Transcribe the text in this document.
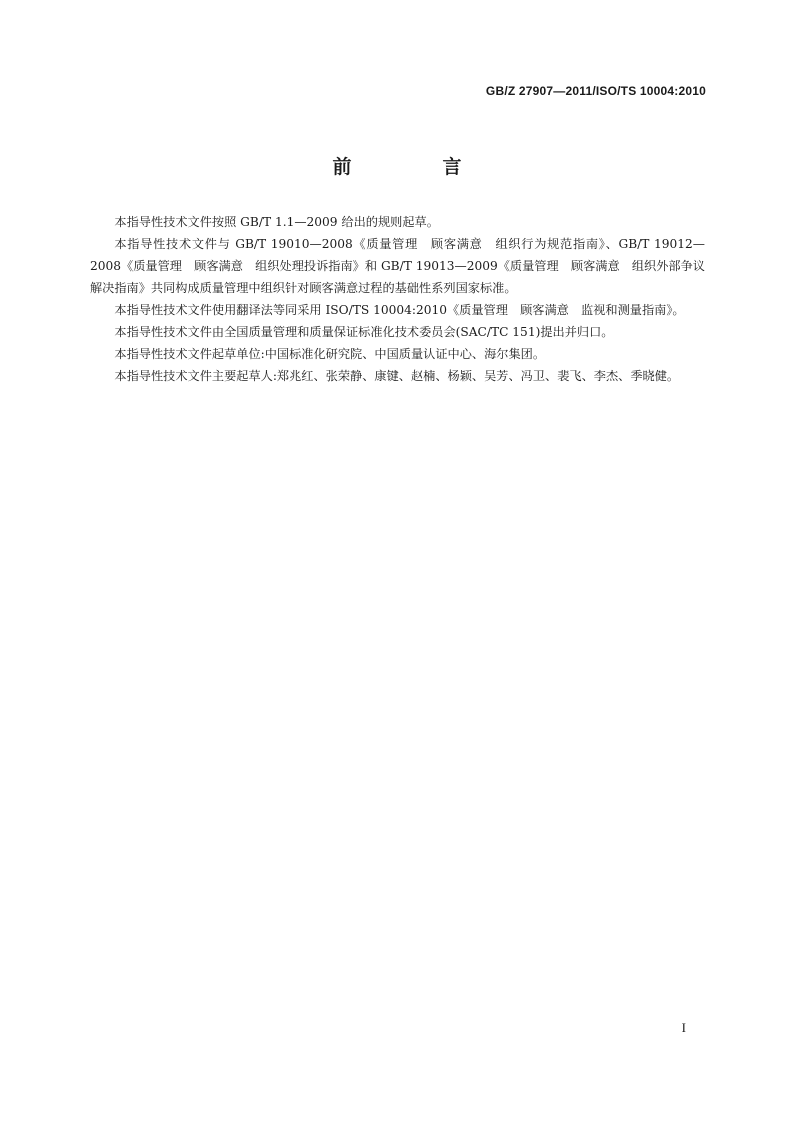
GB/Z 27907—2011/ISO/TS 10004:2010
前　言

本指导性技术文件按照 GB/T 1.1—2009 给出的规则起草。

本指导性技术文件与 GB/T 19010—2008《质量管理　顾客满意　组织行为规范指南》、GB/T 19012—2008《质量管理　顾客满意　组织处理投诉指南》和 GB/T 19013—2009《质量管理　顾客满意　组织外部争议解决指南》共同构成质量管理中组织针对顾客满意过程的基础性系列国家标准。

本指导性技术文件使用翻译法等同采用 ISO/TS 10004:2010《质量管理　顾客满意　监视和测量指南》。

本指导性技术文件由全国质量管理和质量保证标准化技术委员会(SAC/TC 151)提出并归口。

本指导性技术文件起草单位:中国标准化研究院、中国质量认证中心、海尔集团。

本指导性技术文件主要起草人:郑兆红、张荣静、康键、赵楠、杨颖、吴芳、冯卫、裴飞、李杰、季晓健。

I
